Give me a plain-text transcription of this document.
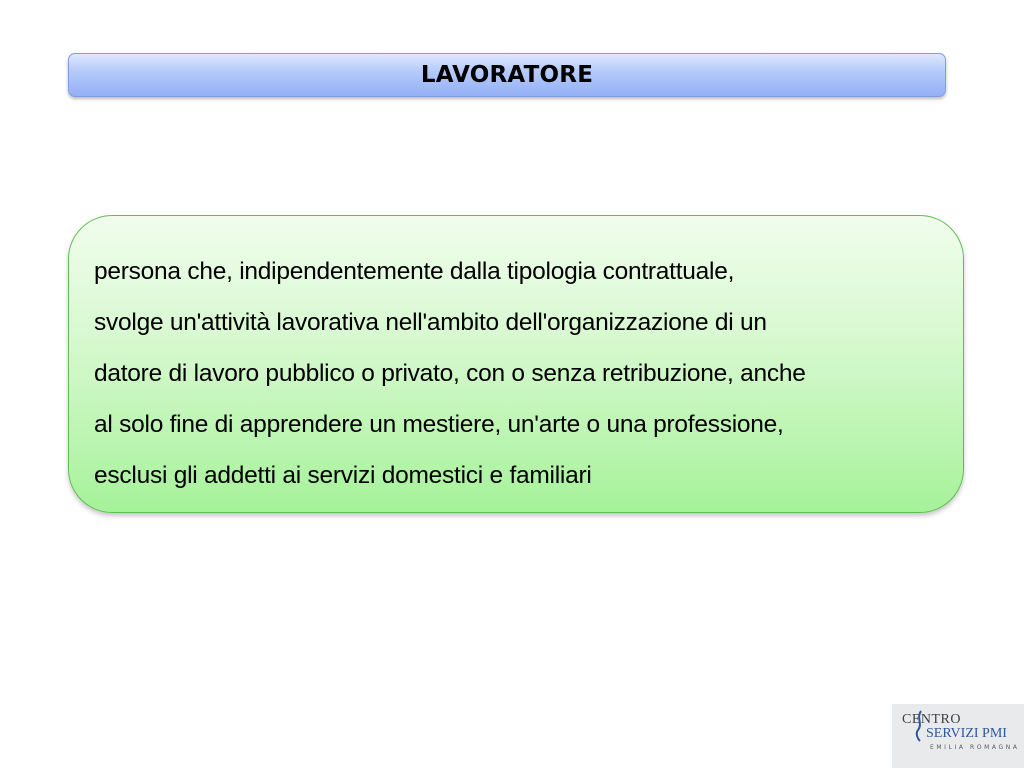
LAVORATORE
persona che, indipendentemente dalla tipologia contrattuale,
svolge un'attività lavorativa nell'ambito dell'organizzazione di un
datore di lavoro pubblico o privato, con o senza retribuzione, anche
al solo fine di apprendere un mestiere, un'arte o una professione,
esclusi gli addetti ai servizi domestici e familiari
CENTRO
SERVIZI PMI
EMILIA ROMAGNA
